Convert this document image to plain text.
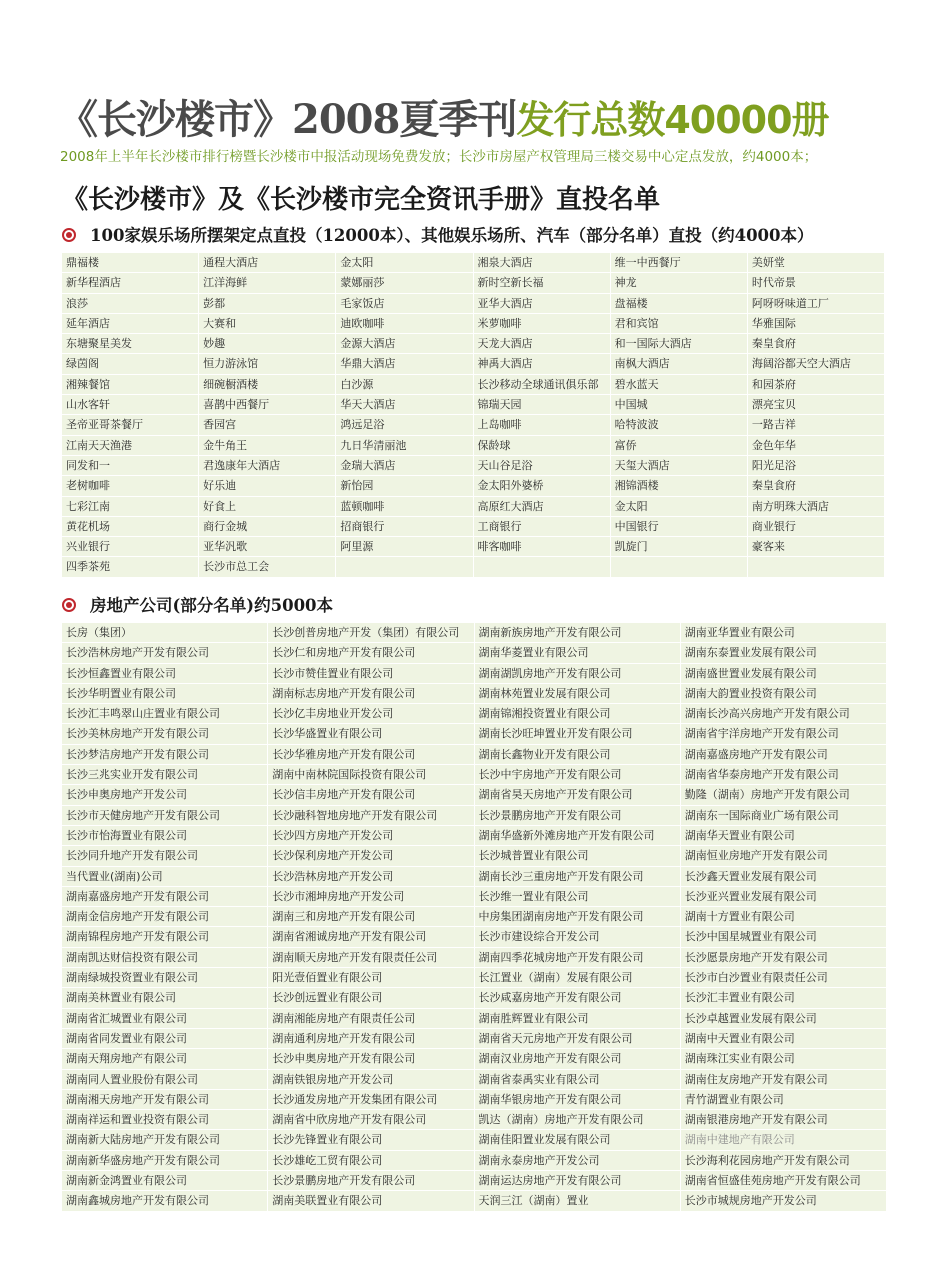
《长沙楼市》2008夏季刊发行总数40000册
2008年上半年长沙楼市排行榜暨长沙楼市中报活动现场免费发放；长沙市房屋产权管理局三楼交易中心定点发放，约4000本；
《长沙楼市》及《长沙楼市完全资讯手册》直投名单
100家娱乐场所摆架定点直投（12000本）、其他娱乐场所、汽车（部分名单）直投（约4000本）
鼎福楼	通程大酒店	金太阳	湘泉大酒店	维一中西餐厅	美妍堂
新华程酒店	江洋海鲜	蒙娜丽莎	新时空新长福	神龙	时代帝景
浪莎	彭都	毛家饭店	亚华大酒店	盘福楼	阿呀呀味道工厂
延年酒店	大赛和	迪欧咖啡	米萝咖啡	君和宾馆	华雅国际
东塘聚星美发	妙趣	金源大酒店	天龙大酒店	和一国际大酒店	秦皇食府
绿茵阁	恒力游泳馆	华鼎大酒店	神禹大酒店	南枫大酒店	海阔浴都天空大酒店
湘辣餐馆	细碗橱酒楼	白沙源	长沙移动全球通讯俱乐部	碧水蓝天	和园茶府
山水客轩	喜鹊中西餐厅	华天大酒店	锦瑞天园	中国城	漂亮宝贝
圣帝亚哥茶餐厅	香园宫	鸿远足浴	上岛咖啡	哈特波波	一路吉祥
江南天天渔港	金牛角王	九日华清丽池	保龄球	富侨	金色年华
同发和一	君逸康年大酒店	金瑞大酒店	天山谷足浴	天玺大酒店	阳光足浴
老树咖啡	好乐迪	新怡园	金太阳外婆桥	湘锦酒楼	秦皇食府
七彩江南	好食上	蓝顿咖啡	高原红大酒店	金太阳	南方明珠大酒店
黄花机场	商行金城	招商银行	工商银行	中国银行	商业银行
兴业银行	亚华汎歌	阿里源	啡客咖啡	凯旋门	豪客来
四季茶苑	长沙市总工会
房地产公司(部分名单)约5000本
长房（集团）	长沙创普房地产开发（集团）有限公司	湖南新族房地产开发有限公司	湖南亚华置业有限公司
长沙浩林房地产开发有限公司	长沙仁和房地产开发有限公司	湖南华菱置业有限公司	湖南东泰置业发展有限公司
长沙恒鑫置业有限公司	长沙市赞佳置业有限公司	湖南湖凯房地产开发有限公司	湖南盛世置业发展有限公司
长沙华明置业有限公司	湖南标志房地产开发有限公司	湖南林苑置业发展有限公司	湖南大韵置业投资有限公司
长沙汇丰鸣翠山庄置业有限公司	长沙亿丰房地业开发公司	湖南锦湘投资置业有限公司	湖南长沙高兴房地产开发有限公司
长沙美林房地产开发有限公司	长沙华盛置业有限公司	湖南长沙旺坤置业开发有限公司	湖南省宇洋房地产开发有限公司
长沙梦洁房地产开发有限公司	长沙华雅房地产开发有限公司	湖南长鑫物业开发有限公司	湖南嘉盛房地产开发有限公司
长沙三兆实业开发有限公司	湖南中南林院国际投资有限公司	长沙中宇房地产开发有限公司	湖南省华泰房地产开发有限公司
长沙申奥房地产开发公司	长沙信丰房地产开发有限公司	湖南省昊天房地产开发有限公司	勤隆（湖南）房地产开发有限公司
长沙市天健房地产开发有限公司	长沙融科智地房地产开发有限公司	长沙景鹏房地产开发有限公司	湖南东一国际商业广场有限公司
长沙市怡海置业有限公司	长沙四方房地产开发公司	湖南华盛新外滩房地产开发有限公司	湖南华天置业有限公司
长沙同升地产开发有限公司	长沙保利房地产开发公司	长沙城普置业有限公司	湖南恒业房地产开发有限公司
当代置业(湖南)公司	长沙浩林房地产开发公司	湖南长沙三重房地产开发有限公司	长沙鑫天置业发展有限公司
湖南嘉盛房地产开发有限公司	长沙市湘坤房地产开发公司	长沙维一置业有限公司	长沙亚兴置业发展有限公司
湖南金信房地产开发有限公司	湖南三和房地产开发有限公司	中房集团湖南房地产开发有限公司	湖南十方置业有限公司
湖南锦程房地产开发有限公司	湖南省湘诚房地产开发有限公司	长沙市建设综合开发公司	长沙中国星城置业有限公司
湖南凯达财信投资有限公司	湖南顺天房地产开发有限责任公司	湖南四季花城房地产开发有限公司	长沙愿景房地产开发有限公司
湖南绿城投资置业有限公司	阳光壹佰置业有限公司	长江置业（湖南）发展有限公司	长沙市白沙置业有限责任公司
湖南美林置业有限公司	长沙创远置业有限公司	长沙咸嘉房地产开发有限公司	长沙汇丰置业有限公司
湖南省汇城置业有限公司	湖南湘能房地产有限责任公司	湖南胜辉置业有限公司	长沙卓越置业发展有限公司
湖南省同发置业有限公司	湖南通利房地产开发有限公司	湖南省天元房地产开发有限公司	湖南中天置业有限公司
湖南天翔房地产有限公司	长沙申奥房地产开发有限公司	湖南汉业房地产开发有限公司	湖南珠江实业有限公司
湖南同人置业股份有限公司	湖南铁银房地产开发公司	湖南省泰禹实业有限公司	湖南住友房地产开发有限公司
湖南湘天房地产开发有限公司	长沙通发房地产开发集团有限公司	湖南华银房地产开发有限公司	青竹湖置业有限公司
湖南祥运和置业投资有限公司	湖南省中欣房地产开发有限公司	凯达（湖南）房地产开发有限公司	湖南银港房地产开发有限公司
湖南新大陆房地产开发有限公司	长沙先锋置业有限公司	湖南佳阳置业发展有限公司	湖南中建地产有限公司
湖南新华盛房地产开发有限公司	长沙雄屹工贸有限公司	湖南永泰房地产开发公司	长沙海利花园房地产开发有限公司
湖南新金鸿置业有限公司	长沙景鹏房地产开发有限公司	湖南运达房地产开发有限公司	湖南省恒盛佳苑房地产开发有限公司
湖南鑫城房地产开发有限公司	湖南美联置业有限公司	天润三江（湖南）置业	长沙市城规房地产开发公司
